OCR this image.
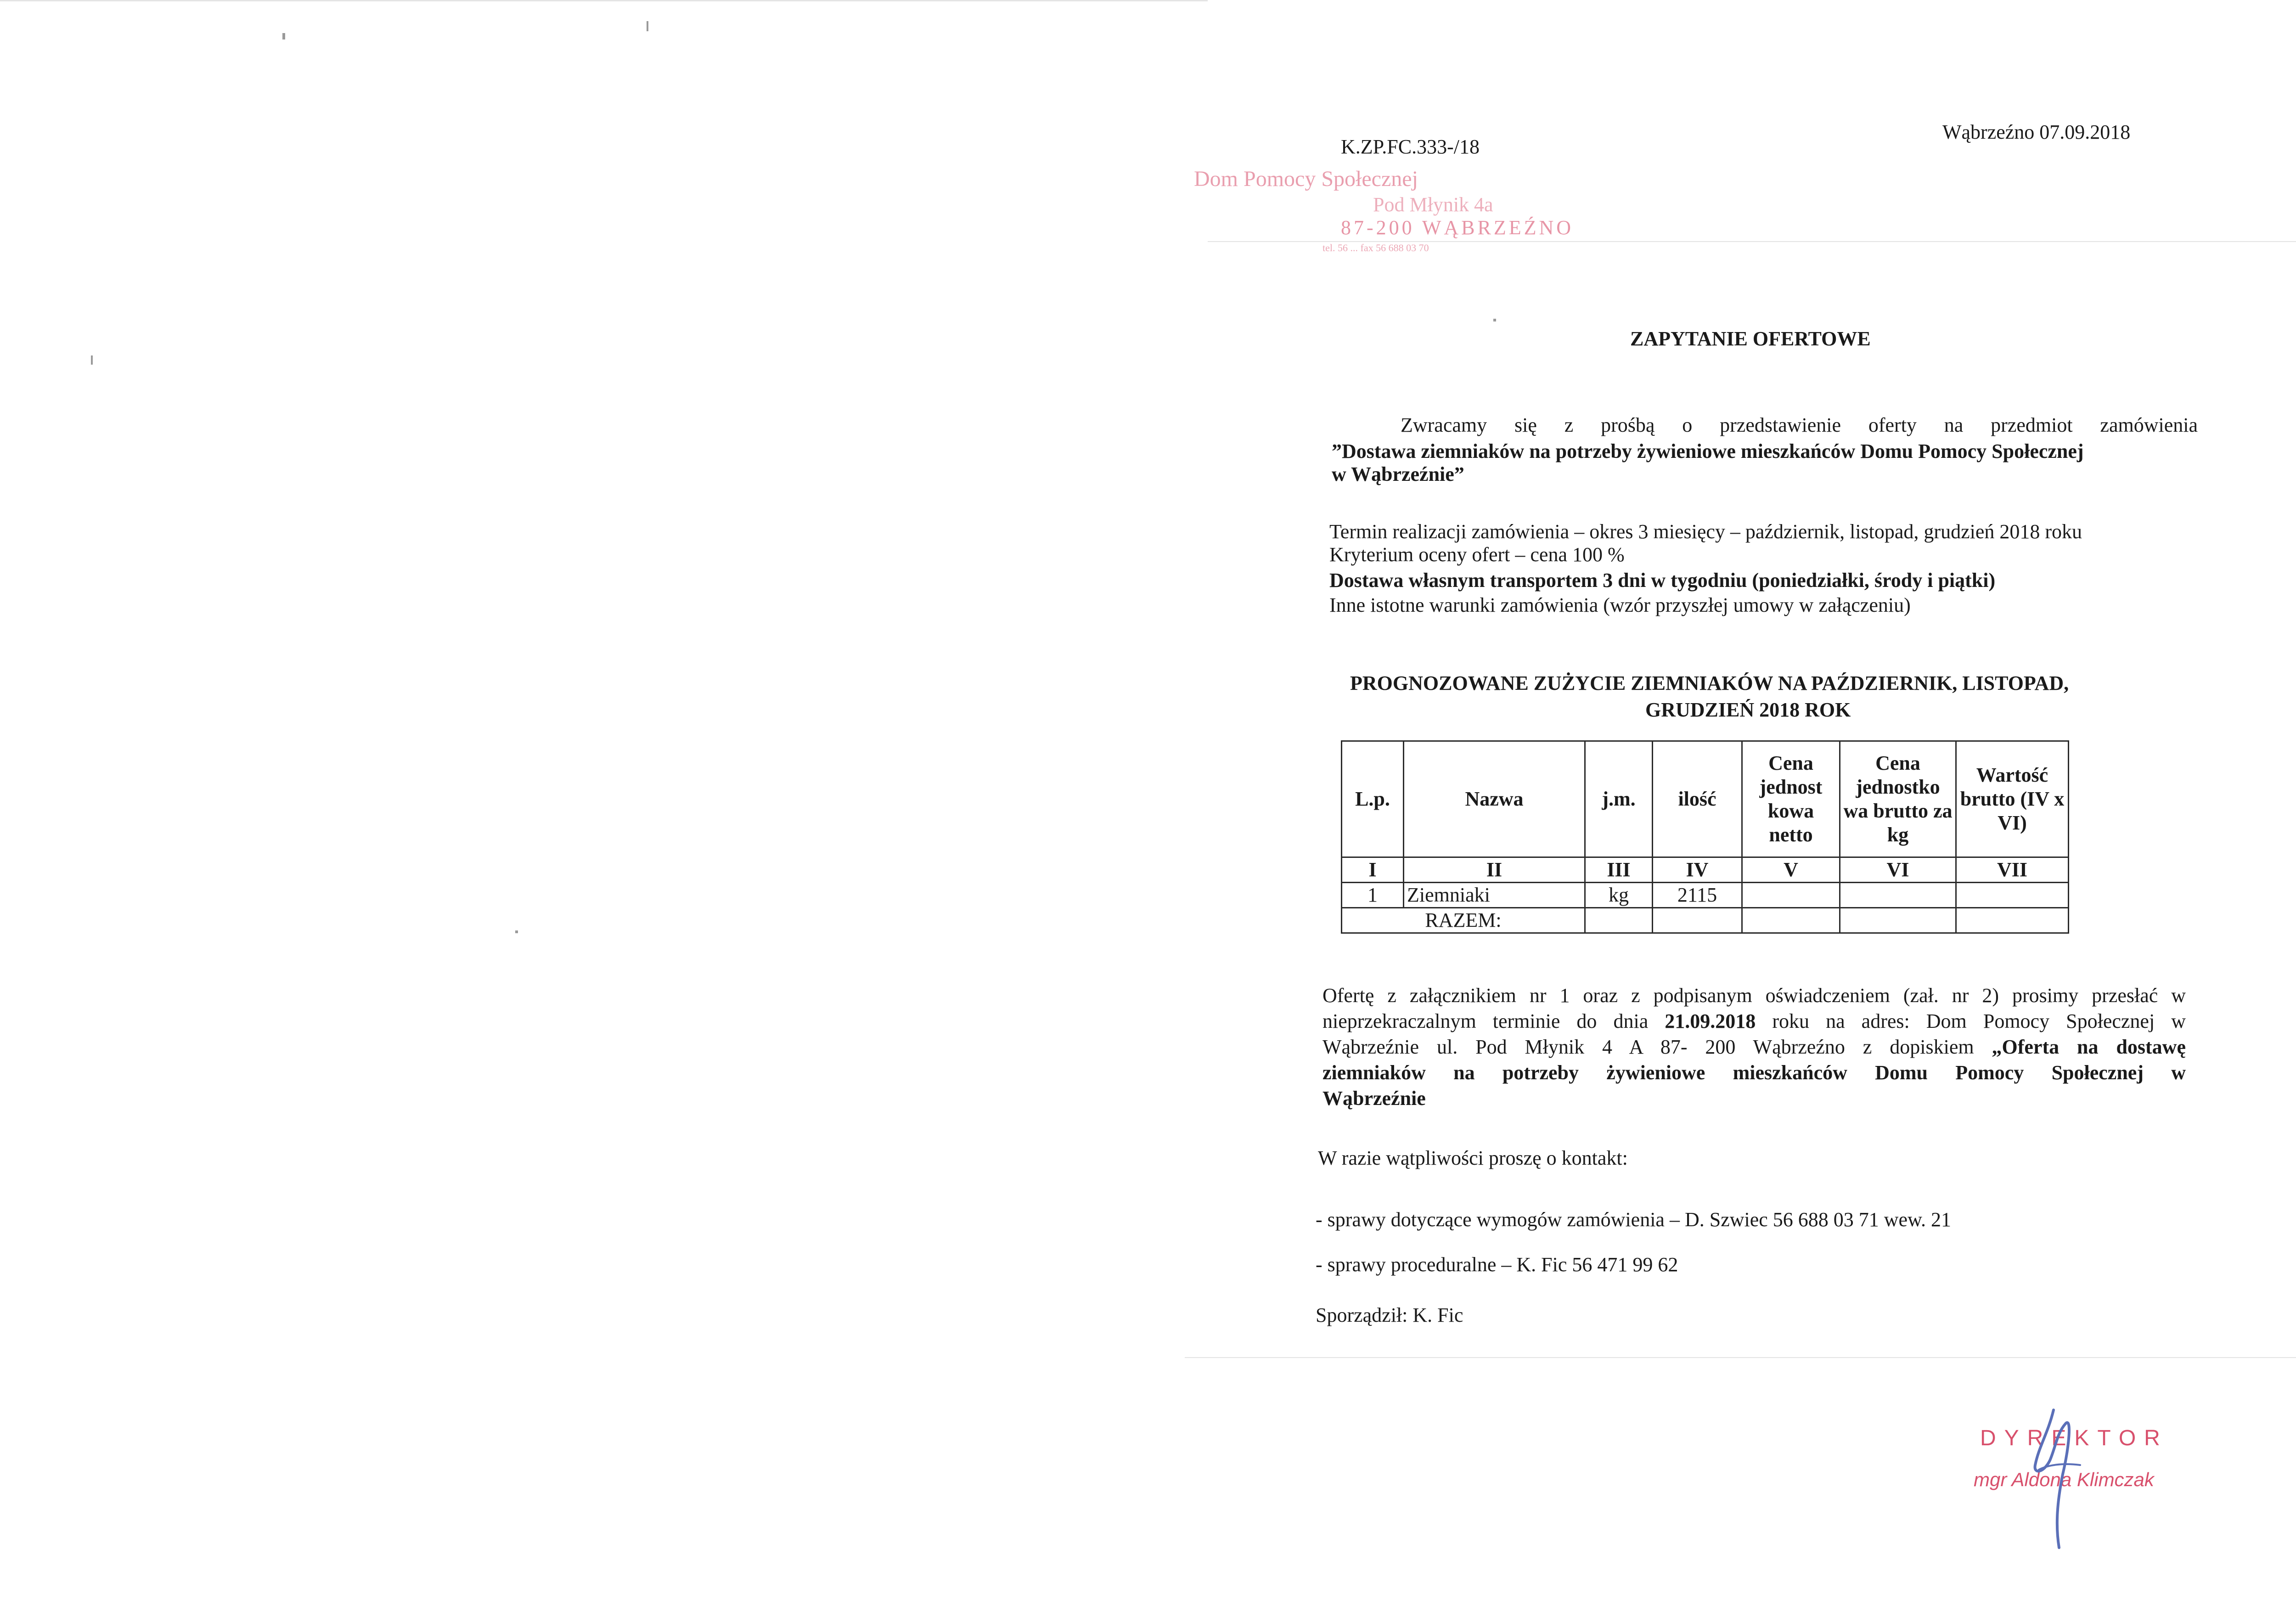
K.ZP.FC.333-/18
Wąbrzeźno 07.09.2018
Dom Pomocy Społecznej
Pod Młynik 4a
87-200 WĄBRZEŹNO
tel. 56 ... fax 56 688 03 70
ZAPYTANIE OFERTOWE
Zwracamy się z prośbą o przedstawienie oferty na przedmiot zamówienia
”Dostawa ziemniaków na potrzeby żywieniowe mieszkańców Domu Pomocy Społecznej
w Wąbrzeźnie”
Termin realizacji zamówienia – okres 3 miesięcy – październik, listopad, grudzień 2018 roku
Kryterium oceny ofert – cena 100 %
Dostawa własnym transportem 3 dni w tygodniu (poniedziałki, środy i piątki)
Inne istotne warunki zamówienia (wzór przyszłej umowy w załączeniu)
PROGNOZOWANE ZUŻYCIE ZIEMNIAKÓW NA PAŹDZIERNIK, LISTOPAD,
GRUDZIEŃ 2018 ROK
L.p.	Nazwa	j.m.	ilość	Cena jednost kowa netto	Cena jednostko wa brutto za kg	Wartość brutto (IV x VI)
I	II	III	IV	V	VI	VII
1	Ziemniaki	kg	2115			
RAZEM:						
Ofertę z załącznikiem nr 1 oraz z podpisanym oświadczeniem (zał. nr 2) prosimy przesłać w
nieprzekraczalnym terminie do dnia 21.09.2018 roku na adres: Dom Pomocy Społecznej w
Wąbrzeźnie ul. Pod Młynik 4 A 87- 200 Wąbrzeźno z dopiskiem „Oferta na dostawę
ziemniaków na potrzeby żywieniowe mieszkańców Domu Pomocy Społecznej w
Wąbrzeźnie
W razie wątpliwości proszę o kontakt:
- sprawy dotyczące wymogów zamówienia – D. Szwiec 56 688 03 71 wew. 21
- sprawy proceduralne – K. Fic 56 471 99 62
Sporządził: K. Fic
DYREKTOR
mgr Aldona Klimczak
